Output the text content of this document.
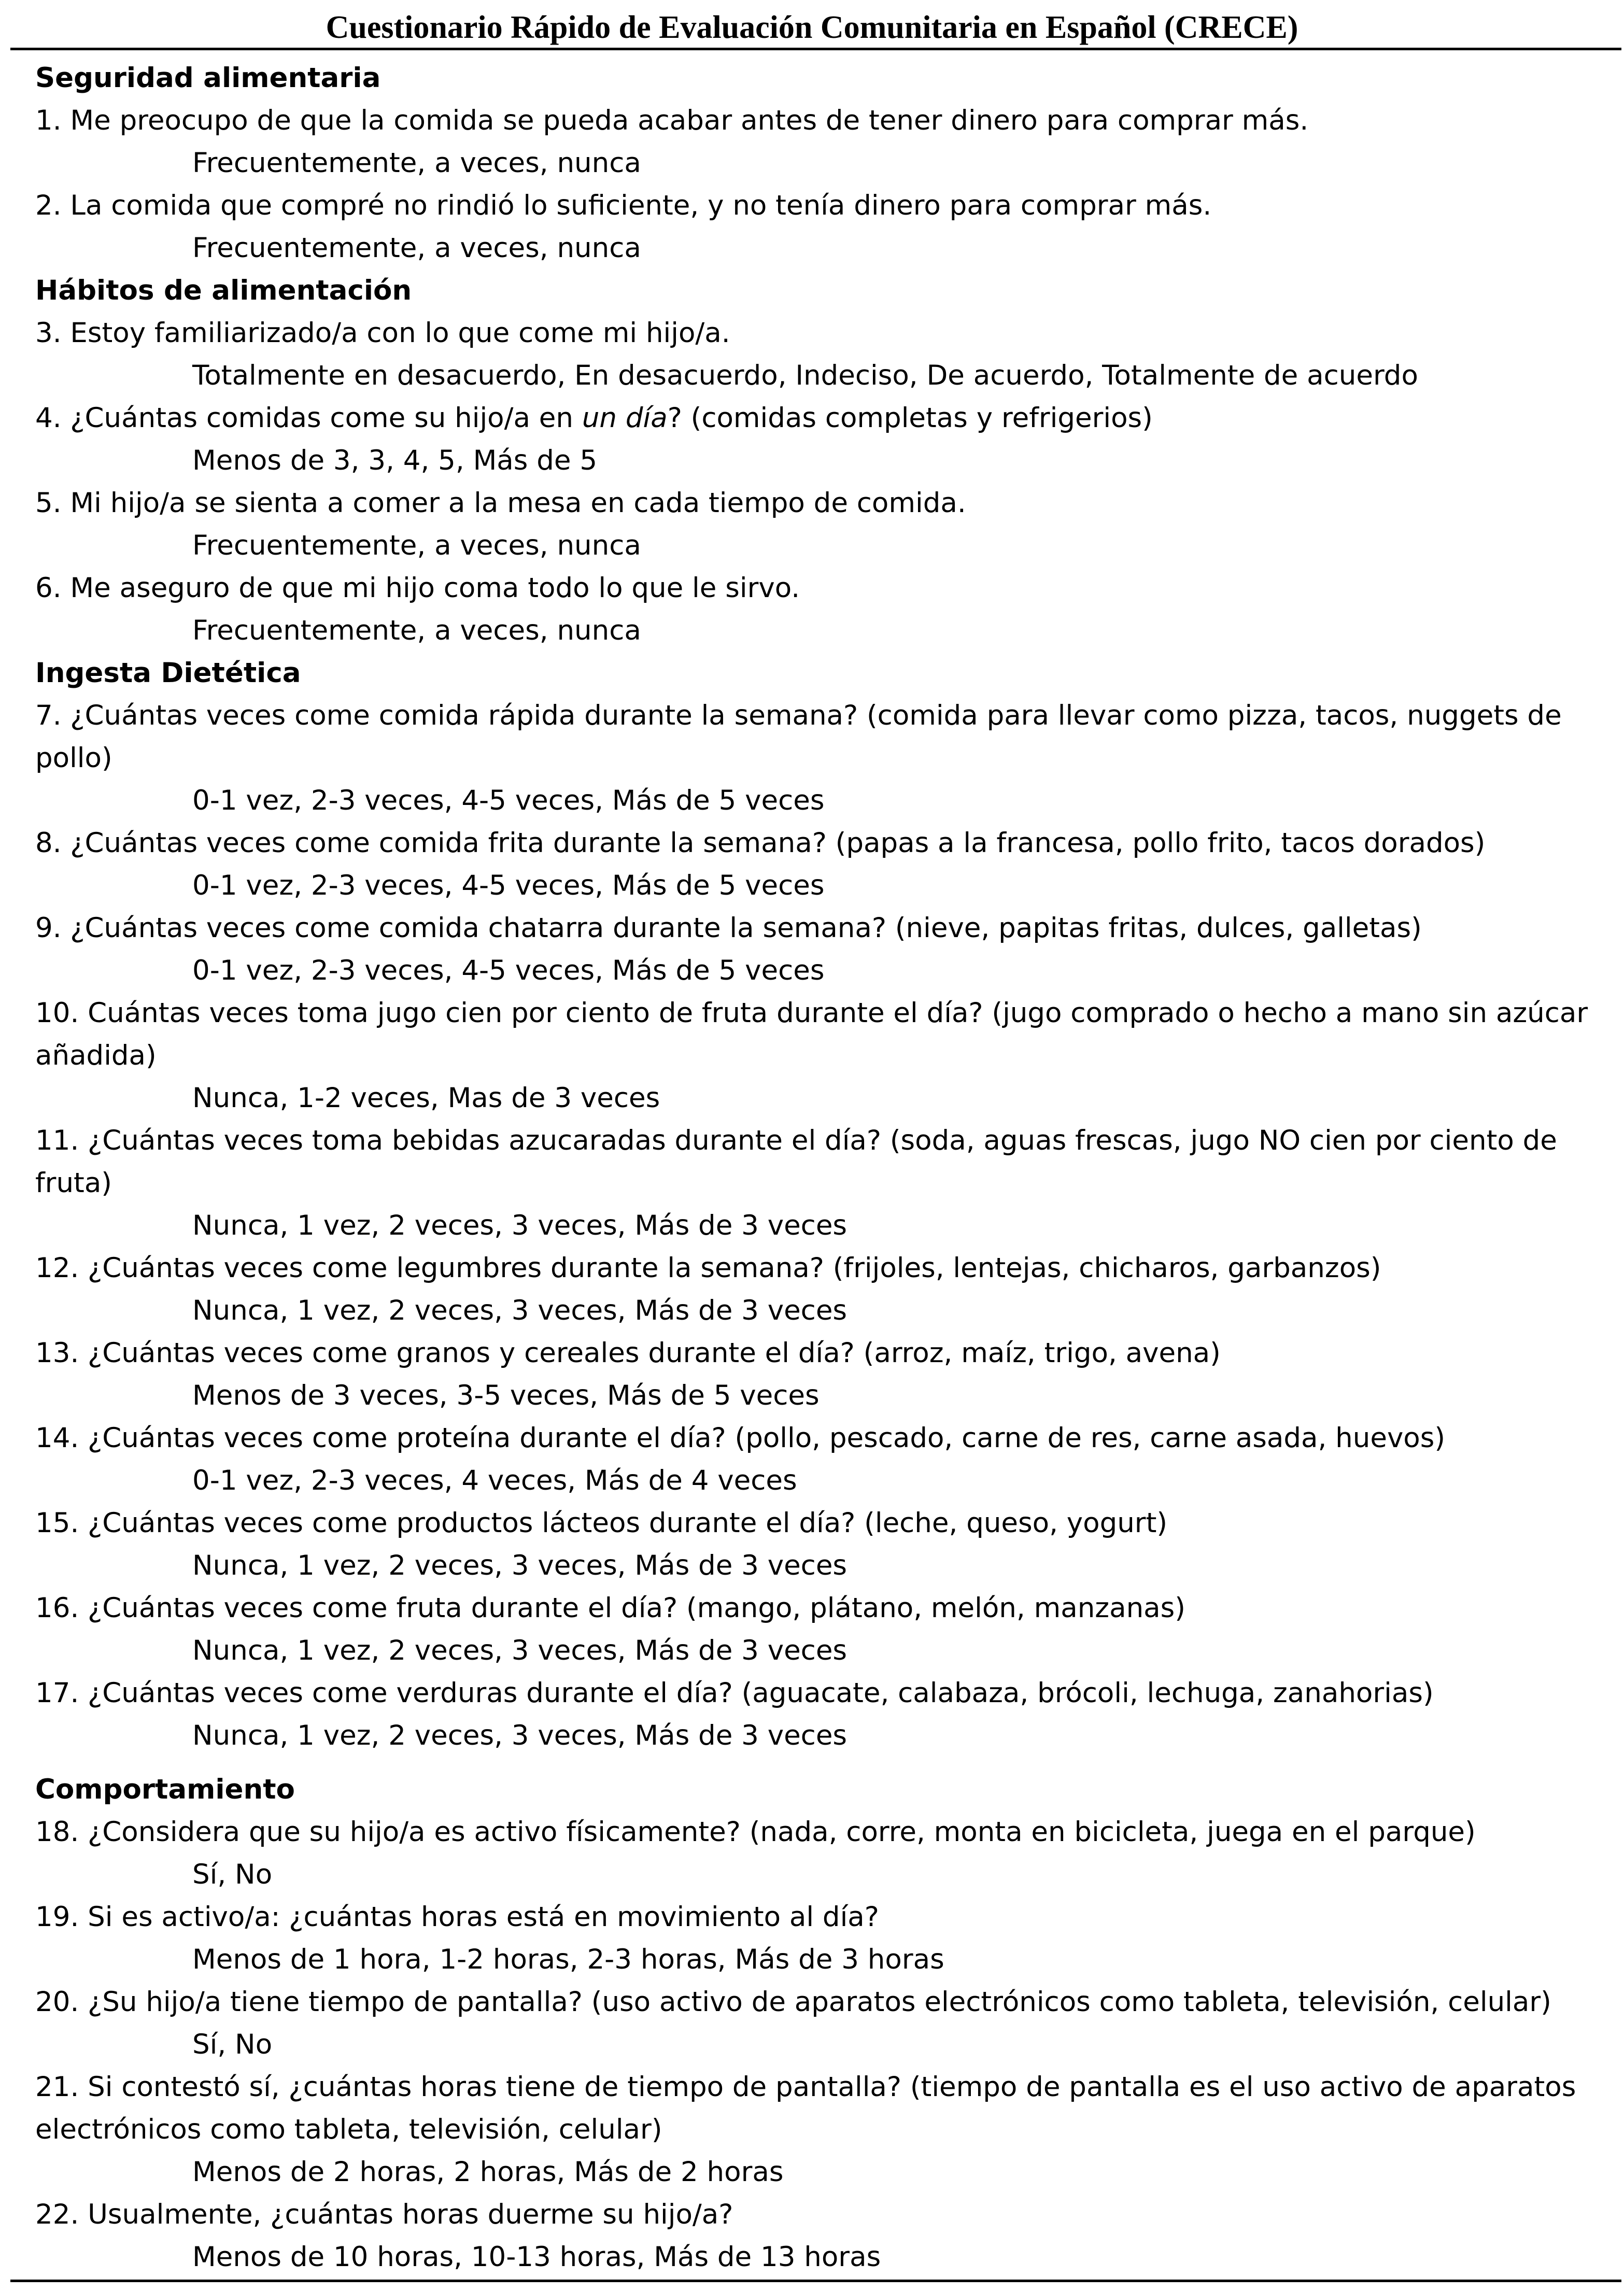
Cuestionario Rápido de Evaluación Comunitaria en Español (CRECE)
Seguridad alimentaria
1. Me preocupo de que la comida se pueda acabar antes de tener dinero para comprar más.
Frecuentemente, a veces, nunca
2. La comida que compré no rindió lo suficiente, y no tenía dinero para comprar más.
Frecuentemente, a veces, nunca
Hábitos de alimentación
3. Estoy familiarizado/a con lo que come mi hijo/a.
Totalmente en desacuerdo, En desacuerdo, Indeciso, De acuerdo, Totalmente de acuerdo
4. ¿Cuántas comidas come su hijo/a en un día? (comidas completas y refrigerios)
Menos de 3, 3, 4, 5, Más de 5
5. Mi hijo/a se sienta a comer a la mesa en cada tiempo de comida.
Frecuentemente, a veces, nunca
6. Me aseguro de que mi hijo coma todo lo que le sirvo.
Frecuentemente, a veces, nunca
Ingesta Dietética
7. ¿Cuántas veces come comida rápida durante la semana? (comida para llevar como pizza, tacos, nuggets de pollo)
0-1 vez, 2-3 veces, 4-5 veces, Más de 5 veces
8. ¿Cuántas veces come comida frita durante la semana? (papas a la francesa, pollo frito, tacos dorados)
0-1 vez, 2-3 veces, 4-5 veces, Más de 5 veces
9. ¿Cuántas veces come comida chatarra durante la semana? (nieve, papitas fritas, dulces, galletas)
0-1 vez, 2-3 veces, 4-5 veces, Más de 5 veces
10. Cuántas veces toma jugo cien por ciento de fruta durante el día? (jugo comprado o hecho a mano sin azúcar añadida)
Nunca, 1-2 veces, Mas de 3 veces
11. ¿Cuántas veces toma bebidas azucaradas durante el día? (soda, aguas frescas, jugo NO cien por ciento de fruta)
Nunca, 1 vez, 2 veces, 3 veces, Más de 3 veces
12. ¿Cuántas veces come legumbres durante la semana? (frijoles, lentejas, chicharos, garbanzos)
Nunca, 1 vez, 2 veces, 3 veces, Más de 3 veces
13. ¿Cuántas veces come granos y cereales durante el día? (arroz, maíz, trigo, avena)
Menos de 3 veces, 3-5 veces, Más de 5 veces
14. ¿Cuántas veces come proteína durante el día? (pollo, pescado, carne de res, carne asada, huevos)
0-1 vez, 2-3 veces, 4 veces, Más de 4 veces
15. ¿Cuántas veces come productos lácteos durante el día? (leche, queso, yogurt)
Nunca, 1 vez, 2 veces, 3 veces, Más de 3 veces
16. ¿Cuántas veces come fruta durante el día? (mango, plátano, melón, manzanas)
Nunca, 1 vez, 2 veces, 3 veces, Más de 3 veces
17. ¿Cuántas veces come verduras durante el día? (aguacate, calabaza, brócoli, lechuga, zanahorias)
Nunca, 1 vez, 2 veces, 3 veces, Más de 3 veces
Comportamiento
18. ¿Considera que su hijo/a es activo físicamente? (nada, corre, monta en bicicleta, juega en el parque)
Sí, No
19. Si es activo/a: ¿cuántas horas está en movimiento al día?
Menos de 1 hora, 1-2 horas, 2-3 horas, Más de 3 horas
20. ¿Su hijo/a tiene tiempo de pantalla? (uso activo de aparatos electrónicos como tableta, televisión, celular)
Sí, No
21. Si contestó sí, ¿cuántas horas tiene de tiempo de pantalla? (tiempo de pantalla es el uso activo de aparatos electrónicos como tableta, televisión, celular)
Menos de 2 horas, 2 horas, Más de 2 horas
22. Usualmente, ¿cuántas horas duerme su hijo/a?
Menos de 10 horas, 10-13 horas, Más de 13 horas
